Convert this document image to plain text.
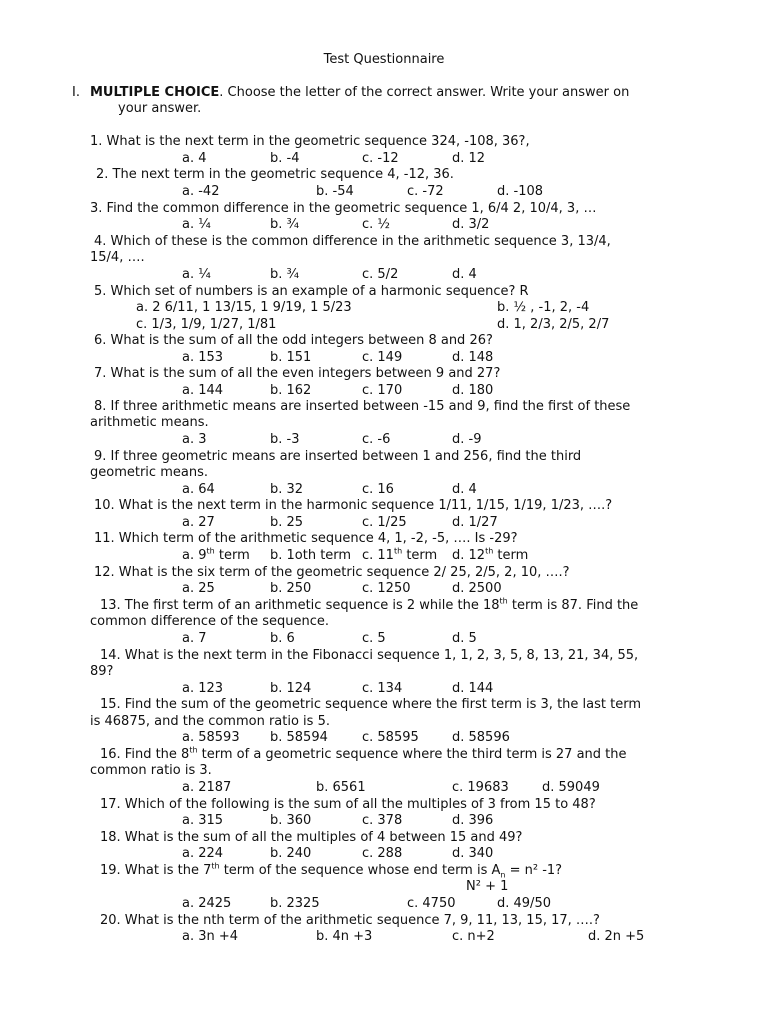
Test Questionnaire
I. MULTIPLE CHOICE. Choose the letter of the correct answer. Write your answer on
your answer.
1. What is the next term in the geometric sequence 324, -108, 36?,
a. 4	b. -4	c. -12	d. 12
2. The next term in the geometric sequence 4, -12, 36.
a. -42	b. -54	c. -72	d. -108
3. Find the common difference in the geometric sequence 1, 6/4 2, 10/4, 3, …
a. ¼	b. ¾	c. ½	d. 3/2
4. Which of these is the common difference in the arithmetic sequence 3, 13/4,
15/4, ….
a. ¼	b. ¾	c. 5/2	d. 4
5. Which set of numbers is an example of a harmonic sequence? R
a. 2 6/11, 1 13/15, 1 9/19, 1 5/23	b. ½ , -1, 2, -4
c. 1/3, 1/9, 1/27, 1/81	d. 1, 2/3, 2/5, 2/7
6. What is the sum of all the odd integers between 8 and 26?
a. 153	b. 151	c. 149	d. 148
7. What is the sum of all the even integers between 9 and 27?
a. 144	b. 162	c. 170	d. 180
8. If three arithmetic means are inserted between -15 and 9, find the first of these
arithmetic means.
a. 3	b. -3	c. -6	d. -9
9. If three geometric means are inserted between 1 and 256, find the third
geometric means.
a. 64	b. 32	c. 16	d. 4
10. What is the next term in the harmonic sequence 1/11, 1/15, 1/19, 1/23, ….?
a. 27	b. 25	c. 1/25	d. 1/27
11. Which term of the arithmetic sequence 4, 1, -2, -5, …. Is -29?
a. 9th term b. 1oth term c. 11th term d. 12th term
12. What is the six term of the geometric sequence 2/ 25, 2/5, 2, 10, ….?
a. 25	b. 250	c. 1250	d. 2500
13. The first term of an arithmetic sequence is 2 while the 18th term is 87. Find the
common difference of the sequence.
a. 7	b. 6	c. 5	d. 5
14. What is the next term in the Fibonacci sequence 1, 1, 2, 3, 5, 8, 13, 21, 34, 55,
89?
a. 123	b. 124	c. 134	d. 144
15. Find the sum of the geometric sequence where the first term is 3, the last term
is 46875, and the common ratio is 5.
a. 58593 b. 58594	c. 58595	d. 58596
16. Find the 8th term of a geometric sequence where the third term is 27 and the
common ratio is 3.
a. 2187	b. 6561	c. 19683	d. 59049
17. Which of the following is the sum of all the multiples of 3 from 15 to 48?
a. 315	b. 360	c. 378	d. 396
18. What is the sum of all the multiples of 4 between 15 and 49?
a. 224	b. 240	c. 288	d. 340
19. What is the 7th term of the sequence whose end term is $A_n = n^2$ -1?
N² + 1
a. 2425	b. 2325	c. 4750	d. 49/50
20. What is the nth term of the arithmetic sequence 7, 9, 11, 13, 15, 17, ….?
a. 3n +4	b. 4n +3	c. n+2	d. 2n +5
